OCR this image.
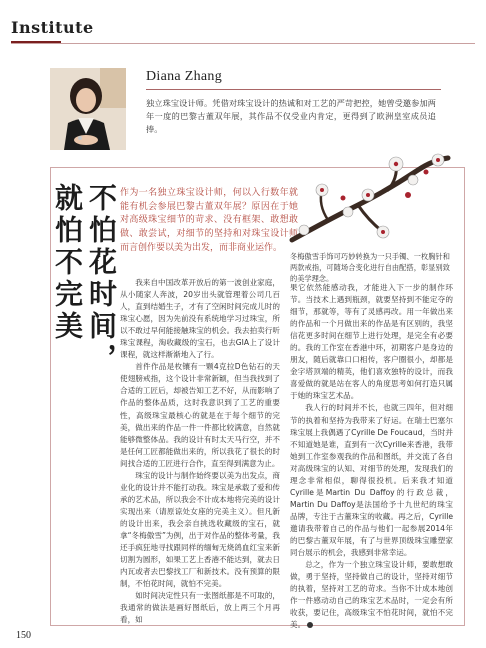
Institute
Diana Zhang
独立珠宝设计师。凭借对珠宝设计的热诚和对工艺的严苛把控，她曾受邀参加两年一度的巴黎古董双年展，其作品不仅受业内肯定，更得到了欧洲皇室成员追捧。
不怕花时间，
就怕不完美	作为一名独立珠宝设计师，何以入行数年就能有机会参展巴黎古董双年展？原因在于她对高级珠宝细节的苛求、没有框架、敢想敢做、敢尝试，对细节的坚持和对珠宝设计师而言创作要以美为出发，而非商业运作。
冬梅傲雪手饰可巧妙转换为一只手镯、一枚胸针和两款戒指，可随场合变化进行自由配搭，彰显别致的美学理念。

我来自中国改革开放后的第一波创业家庭，从小随家人奔波，20岁出头就管理着公司几百人，直到结婚生子，才有了空闲时间完成儿时的珠宝心愿，因为先前没有系统地学习过珠宝，所以不敢过早何能接触珠宝的机会。我去拍卖行听珠宝课程，淘收藏级的宝石，也去GIA上了设计课程，就这样渐渐地入了行。

首件作品是枚镶有一颗4克拉D色钻石的天使翅膀戒指，这个设计非常新颖，但当我找到了合适的工匠后，却被告知工艺不好，从而影响了作品的整体品质，这时我意识到了工艺的重要性，高级珠宝最核心的就是在于每个细节的完美，做出来的作品一件一件都比较满意，自然就能够微整体品。我的设计有时太天马行空，并不是任何工匠都能做出来的，所以我花了很长的时间找合适的工匠进行合作，直至得到满意为止。

珠宝的设计与制作始终要以美为出发点，商业化的设计并不能打动我。珠宝是承载了爱和传承的艺术品，所以我会不计成本地将完美的设计实现出来（请原谅处女座的完美主义）。但凡新的设计出来，我会亲自挑选收藏级的宝石，就拿“冬梅傲雪”为例，出于对作品的整体考量，我还手疯狂地寻找跟同样的缅甸无烧鸽血红宝来新切割为圆形，如果工艺上香港不能达到，就去日内瓦或者去巴黎找工厂和新技术。没有预算的限制，不怕花时间，就怕不完美。

如时间决定性只有一张图纸都是不可取的，我通常的做法是画好图纸后，放上两三个月再看，如

果它依然能感动我，才能进入下一步的制作环节。当技术上遇到瓶颈，就要坚持到不能定夺的细节，那就等，等有了灵感再改。用一年做出来的作品和一个月做出来的作品是有区别的，我坚信花更多时间在细节上进行处理，是完全有必要的。我的工作室在香港中环，初期客户是身边的朋友，随后就靠口口相传，客户圈很小，却都是金字塔顶端的精英，他们喜欢独特的设计，而我喜爱做的就是站在客人的角度思考如何打造只属于她的珠宝艺术品。

我人行的时间并不长，也就三四年，但对细节的执着和坚持为我带来了好运。在瑞士巴塞尔珠宝展上我偶遇了Cyrille De Foucaud，当时并不知道她是谁，直到有一次Cyrille来香港，我带她到工作室参观我的作品和图纸，并交流了各自对高级珠宝的认知、对细节的处理，发现我们的理念非常相似，聊得很投机。后来我才知道Cyrille是Martin Du Daffoy的行政总裁，Martin Du Daffoy是法国给予十九世纪的珠宝品牌，专注于古董珠宝的收藏。再之后，Cyrille邀请我带着自己的作品与他们一起参展2014年的巴黎古董双年展，有了与世界顶级珠宝雕塑家同台展示的机会，我感到非常幸运。

总之，作为一个独立珠宝设计师，要敢想敢做，勇于坚持，坚持做自己的设计，坚持对细节的执着，坚持对工艺的苛求。当你不计成本地创作一件感动动自己的珠宝艺术品时，一定会有所收获，要记住，高级珠宝不怕花时间，就怕不完美。

150
